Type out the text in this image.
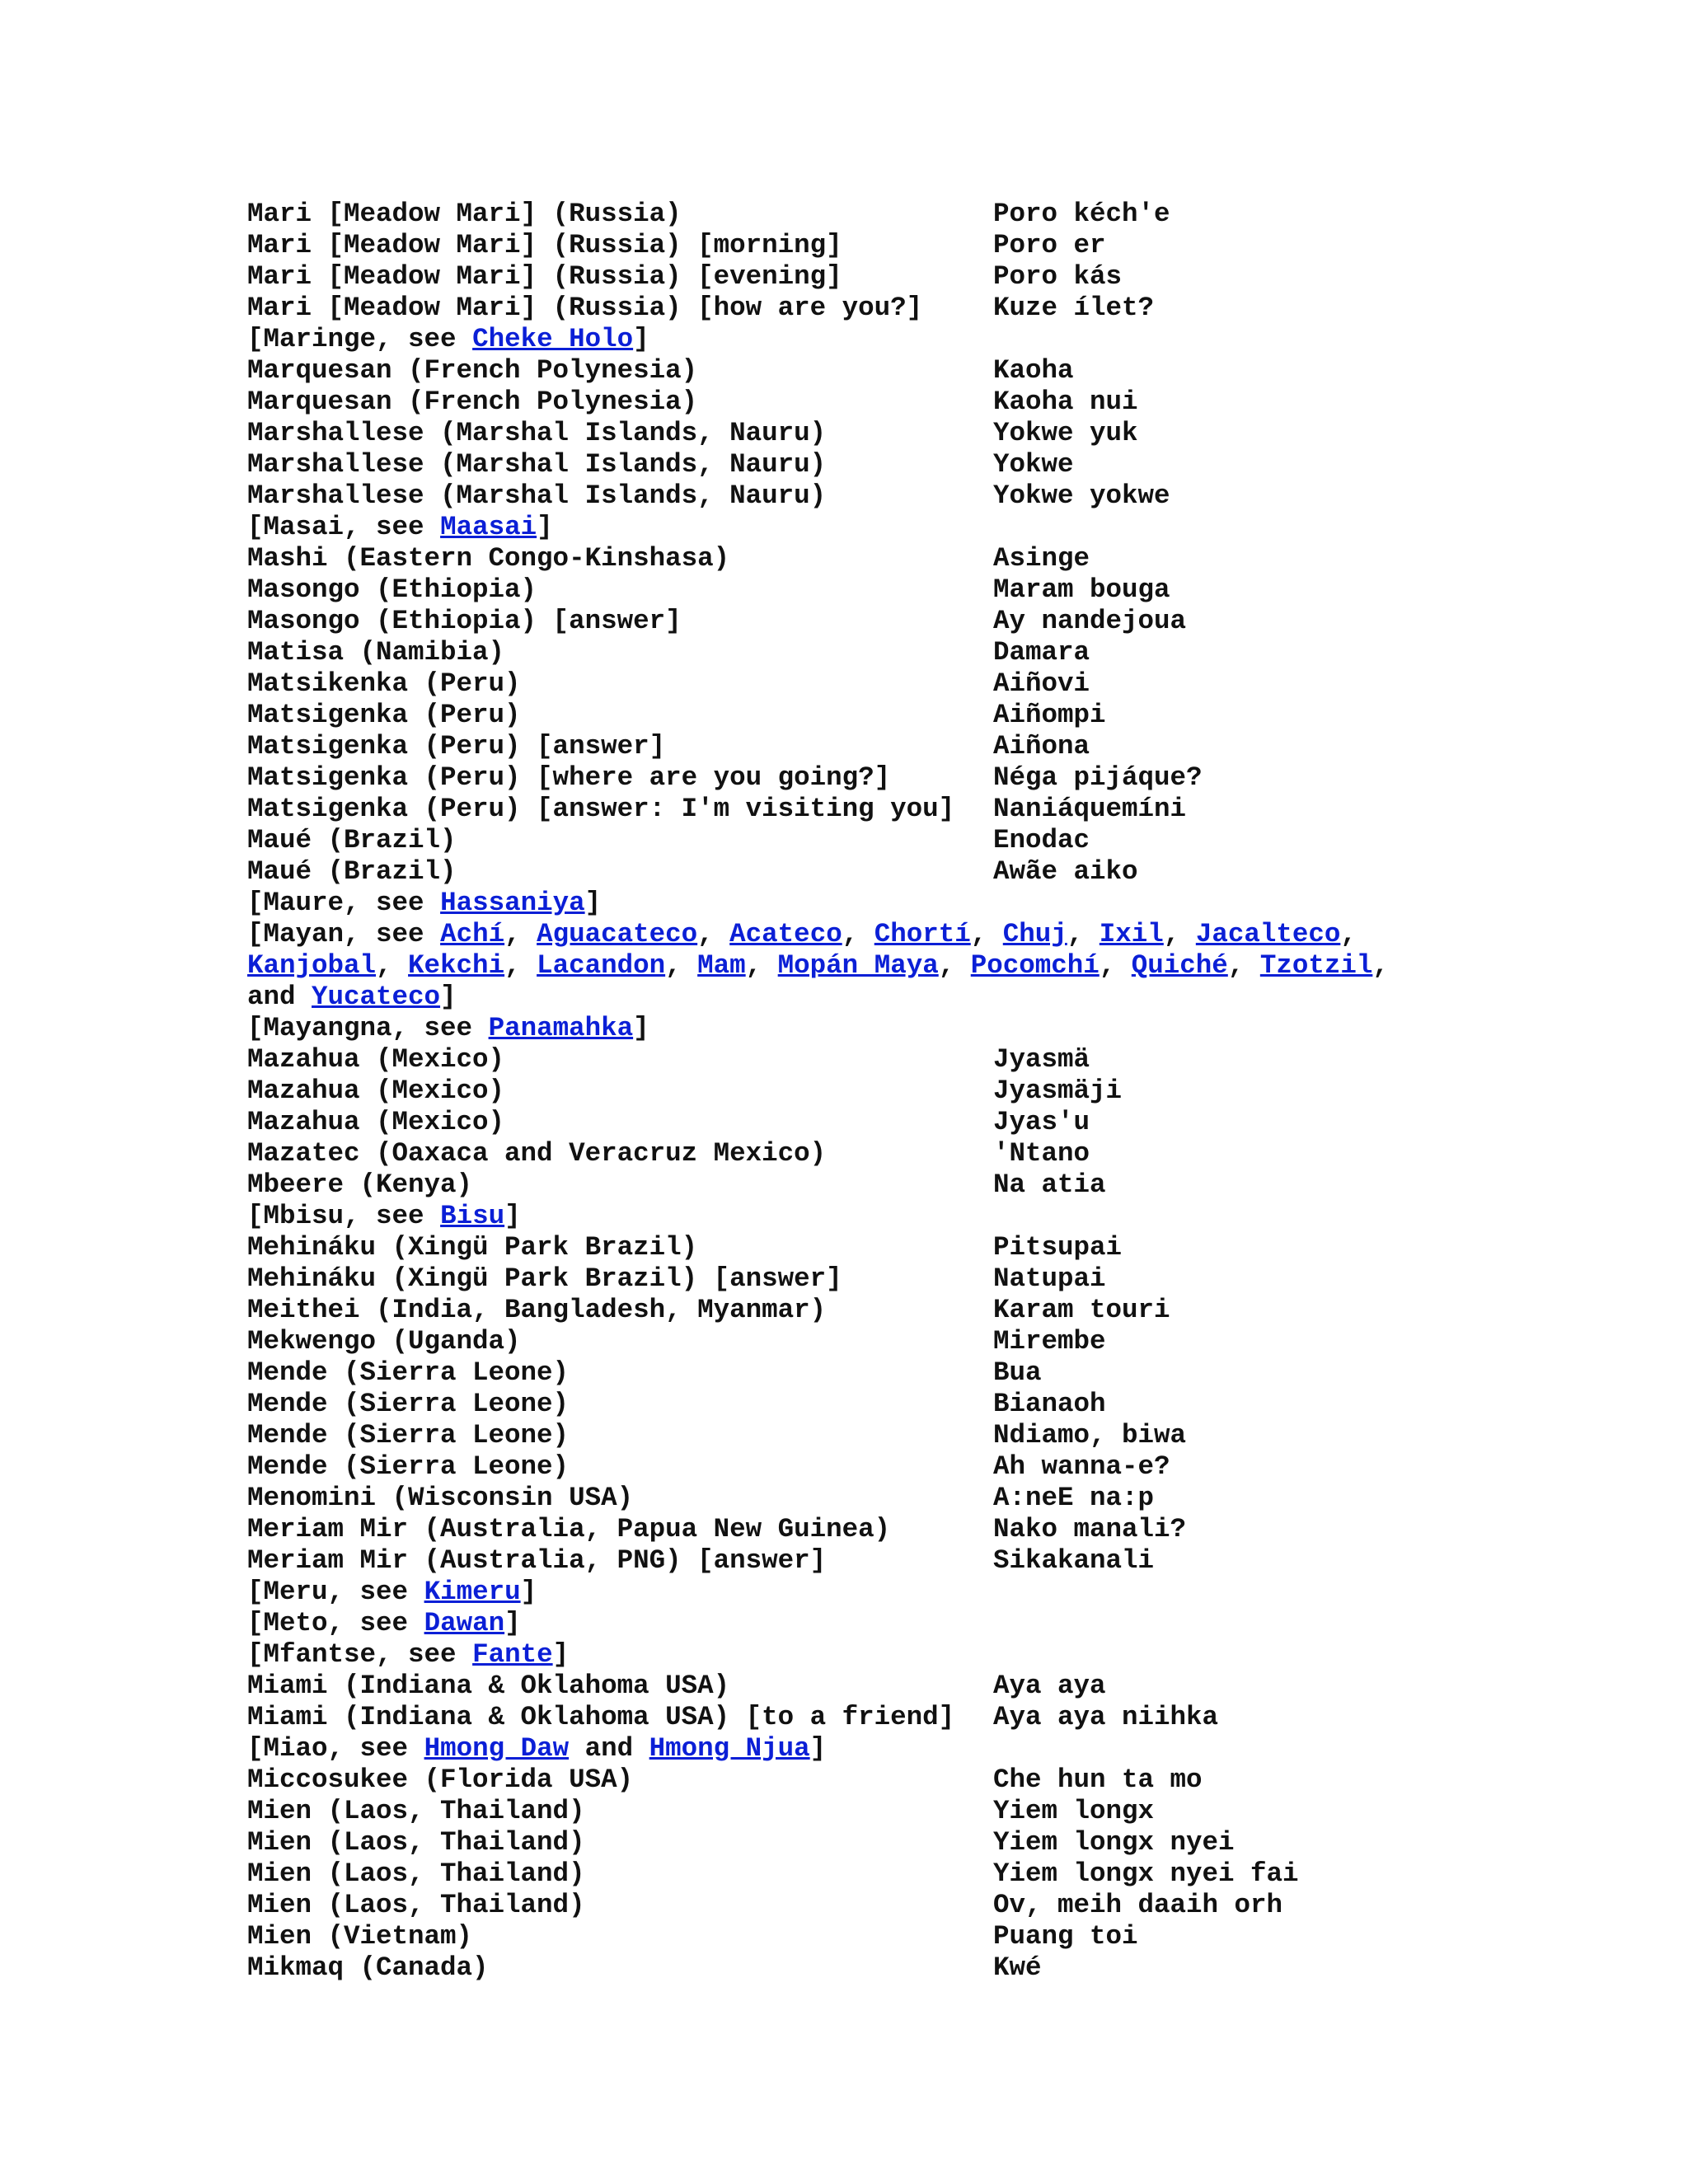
Mari [Meadow Mari] (Russia)	Poro kéch'e
Mari [Meadow Mari] (Russia) [morning]	Poro er
Mari [Meadow Mari] (Russia) [evening]	Poro kás
Mari [Meadow Mari] (Russia) [how are you?]	Kuze ílet?
[Maringe, see Cheke Holo]
Marquesan (French Polynesia)	Kaoha
Marquesan (French Polynesia)	Kaoha nui
Marshallese (Marshal Islands, Nauru)	Yokwe yuk
Marshallese (Marshal Islands, Nauru)	Yokwe
Marshallese (Marshal Islands, Nauru)	Yokwe yokwe
[Masai, see Maasai]
Mashi (Eastern Congo-Kinshasa)	Asinge
Masongo (Ethiopia)	Maram bouga
Masongo (Ethiopia) [answer]	Ay nandejoua
Matisa (Namibia)	Damara
Matsikenka (Peru)	Aiñovi
Matsigenka (Peru)	Aiñompi
Matsigenka (Peru) [answer]	Aiñona
Matsigenka (Peru) [where are you going?]	Néga pijáque?
Matsigenka (Peru) [answer: I'm visiting you] Naniáquemíni
Maué (Brazil)	Enodac
Maué (Brazil)	Awãe aiko
[Maure, see Hassaniya]
[Mayan, see Achí, Aguacateco, Acateco, Chortí, Chuj, Ixil, Jacalteco, Kanjobal, Kekchi, Lacandon, Mam, Mopán Maya, Pocomchí, Quiché, Tzotzil, and Yucateco]
[Mayangna, see Panamahka]
Mazahua (Mexico)	Jyasmä
Mazahua (Mexico)	Jyasmäji
Mazahua (Mexico)	Jyas'u
Mazatec (Oaxaca and Veracruz Mexico)	'Ntano
Mbeere (Kenya)	Na atia
[Mbisu, see Bisu]
Mehináku (Xingü Park Brazil)	Pitsupai
Mehináku (Xingü Park Brazil) [answer]	Natupai
Meithei (India, Bangladesh, Myanmar)	Karam touri
Mekwengo (Uganda)	Mirembe
Mende (Sierra Leone)	Bua
Mende (Sierra Leone)	Bianaoh
Mende (Sierra Leone)	Ndiamo, biwa
Mende (Sierra Leone)	Ah wanna-e?
Menomini (Wisconsin USA)	A:neE na:p
Meriam Mir (Australia, Papua New Guinea)	Nako manali?
Meriam Mir (Australia, PNG) [answer]	Sikakanali
[Meru, see Kimeru]
[Meto, see Dawan]
[Mfantse, see Fante]
Miami (Indiana & Oklahoma USA)	Aya aya
Miami (Indiana & Oklahoma USA) [to a friend] Aya aya niihka
[Miao, see Hmong Daw and Hmong Njua]
Miccosukee (Florida USA)	Che hun ta mo
Mien (Laos, Thailand)	Yiem longx
Mien (Laos, Thailand)	Yiem longx nyei
Mien (Laos, Thailand)	Yiem longx nyei fai
Mien (Laos, Thailand)	Ov, meih daaih orh
Mien (Vietnam)	Puang toi
Mikmaq (Canada)	Kwé
